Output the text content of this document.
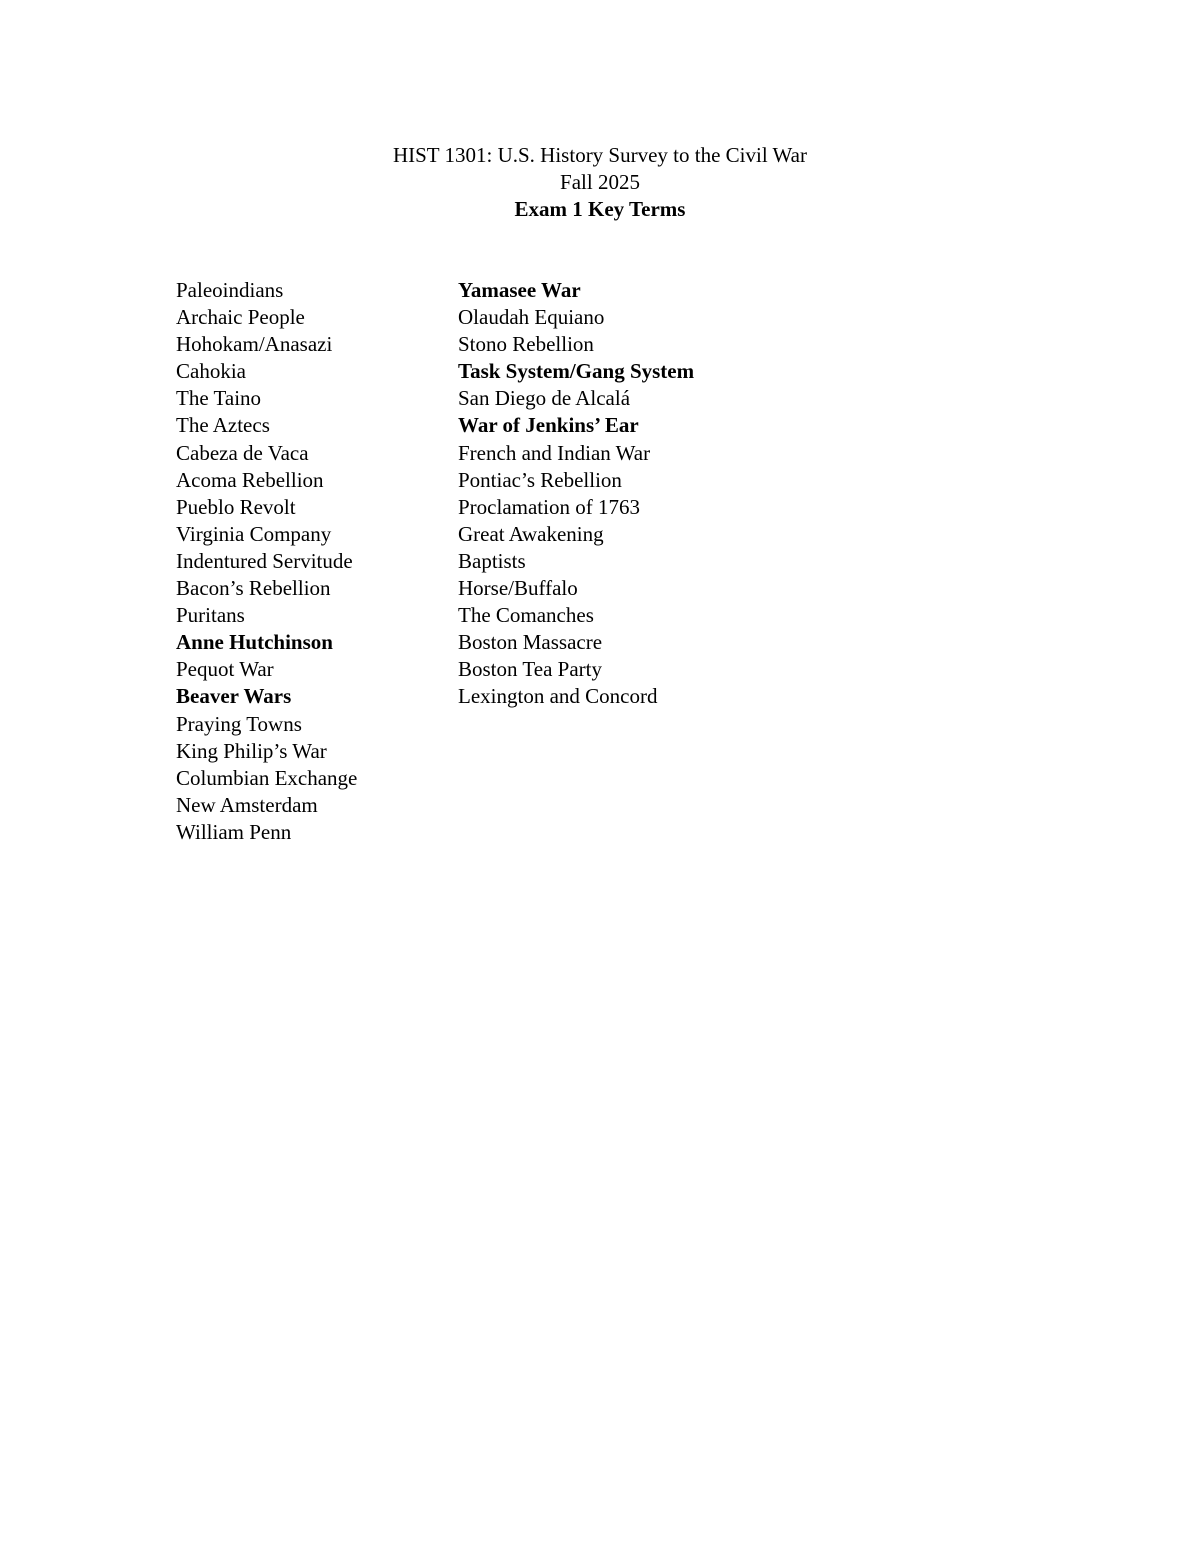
HIST 1301: U.S. History Survey to the Civil War
Fall 2025
Exam 1 Key Terms
Paleoindians
Archaic People
Hohokam/Anasazi
Cahokia
The Taino
The Aztecs
Cabeza de Vaca
Acoma Rebellion
Pueblo Revolt
Virginia Company
Indentured Servitude
Bacon’s Rebellion
Puritans
Anne Hutchinson
Pequot War
Beaver Wars
Praying Towns
King Philip’s War
Columbian Exchange
New Amsterdam
William Penn
Yamasee War
Olaudah Equiano
Stono Rebellion
Task System/Gang System
San Diego de Alcalá
War of Jenkins’ Ear
French and Indian War
Pontiac’s Rebellion
Proclamation of 1763
Great Awakening
Baptists
Horse/Buffalo
The Comanches
Boston Massacre
Boston Tea Party
Lexington and Concord
